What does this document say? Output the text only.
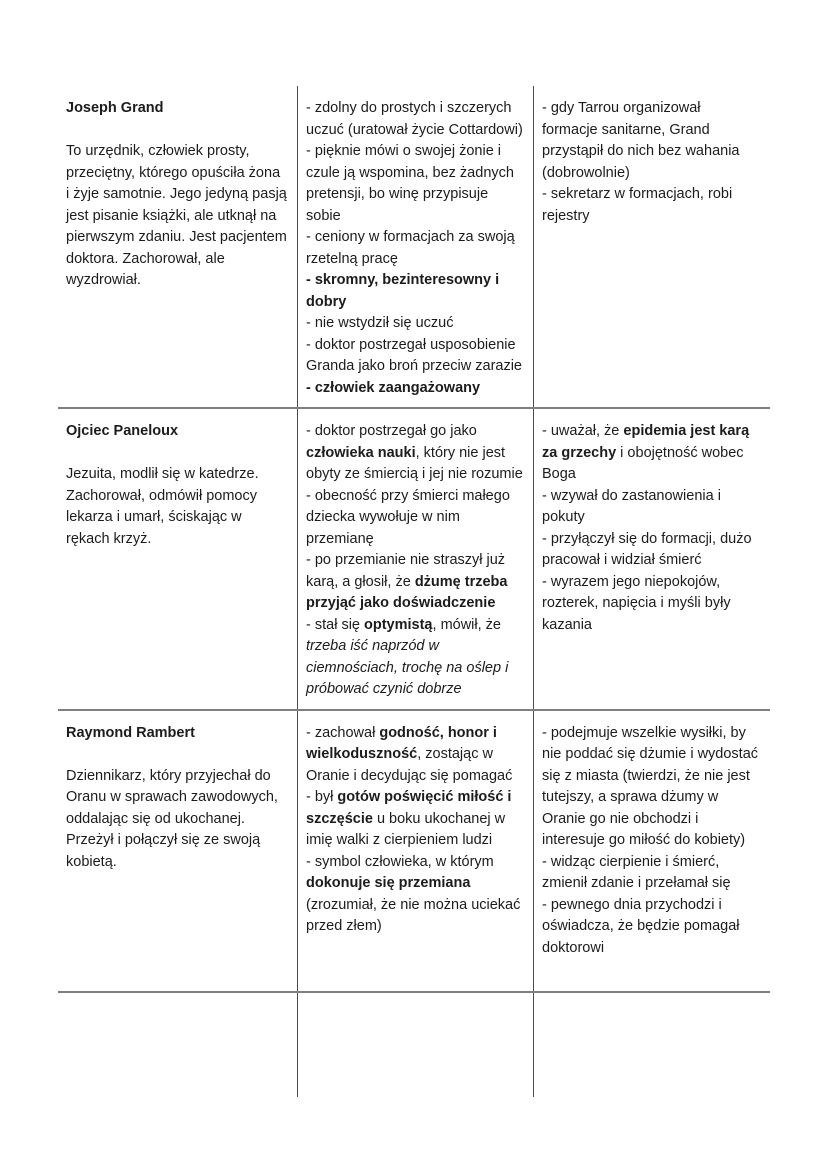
Joseph Grand

To urzędnik, człowiek prosty, przeciętny, którego opuściła żona i żyje samotnie. Jego jedyną pasją jest pisanie książki, ale utknął na pierwszym zdaniu. Jest pacjentem doktora. Zachorował, ale wyzdrowiał.

- zdolny do prostych i szczerych uczuć (uratował życie Cottardowi)

- pięknie mówi o swojej żonie i czule ją wspomina, bez żadnych pretensji, bo winę przypisuje sobie

- ceniony w formacjach za swoją rzetelną pracę

- skromny, bezinteresowny i dobry

- nie wstydził się uczuć

- doktor postrzegał usposobienie Granda jako broń przeciw zarazie

- człowiek zaangażowany

- gdy Tarrou organizował formacje sanitarne, Grand przystąpił do nich bez wahania (dobrowolnie)

- sekretarz w formacjach, robi rejestry

Ojciec Paneloux

Jezuita, modlił się w katedrze. Zachorował, odmówił pomocy lekarza i umarł, ściskając w rękach krzyż.

- doktor postrzegał go jako człowieka nauki, który nie jest obyty ze śmiercią i jej nie rozumie

- obecność przy śmierci małego dziecka wywołuje w nim przemianę

- po przemianie nie straszył już karą, a głosił, że dżumę trzeba przyjąć jako doświadczenie

- stał się optymistą, mówił, że trzeba iść naprzód w ciemnościach, trochę na oślep i próbować czynić dobrze

- uważał, że epidemia jest karą za grzechy i obojętność wobec Boga

- wzywał do zastanowienia i pokuty

- przyłączył się do formacji, dużo pracował i widział śmierć

- wyrazem jego niepokojów, rozterek, napięcia i myśli były kazania

Raymond Rambert

Dziennikarz, który przyjechał do Oranu w sprawach zawodowych, oddalając się od ukochanej. Przeżył i połączył się ze swoją kobietą.

- zachował godność, honor i wielkoduszność, zostając w Oranie i decydując się pomagać

- był gotów poświęcić miłość i szczęście u boku ukochanej w imię walki z cierpieniem ludzi

- symbol człowieka, w którym dokonuje się przemiana (zrozumiał, że nie można uciekać przed złem)

- podejmuje wszelkie wysiłki, by nie poddać się dżumie i wydostać się z miasta (twierdzi, że nie jest tutejszy, a sprawa dżumy w Oranie go nie obchodzi i interesuje go miłość do kobiety)

- widząc cierpienie i śmierć, zmienił zdanie i przełamał się

- pewnego dnia przychodzi i oświadcza, że będzie pomagał doktorowi
